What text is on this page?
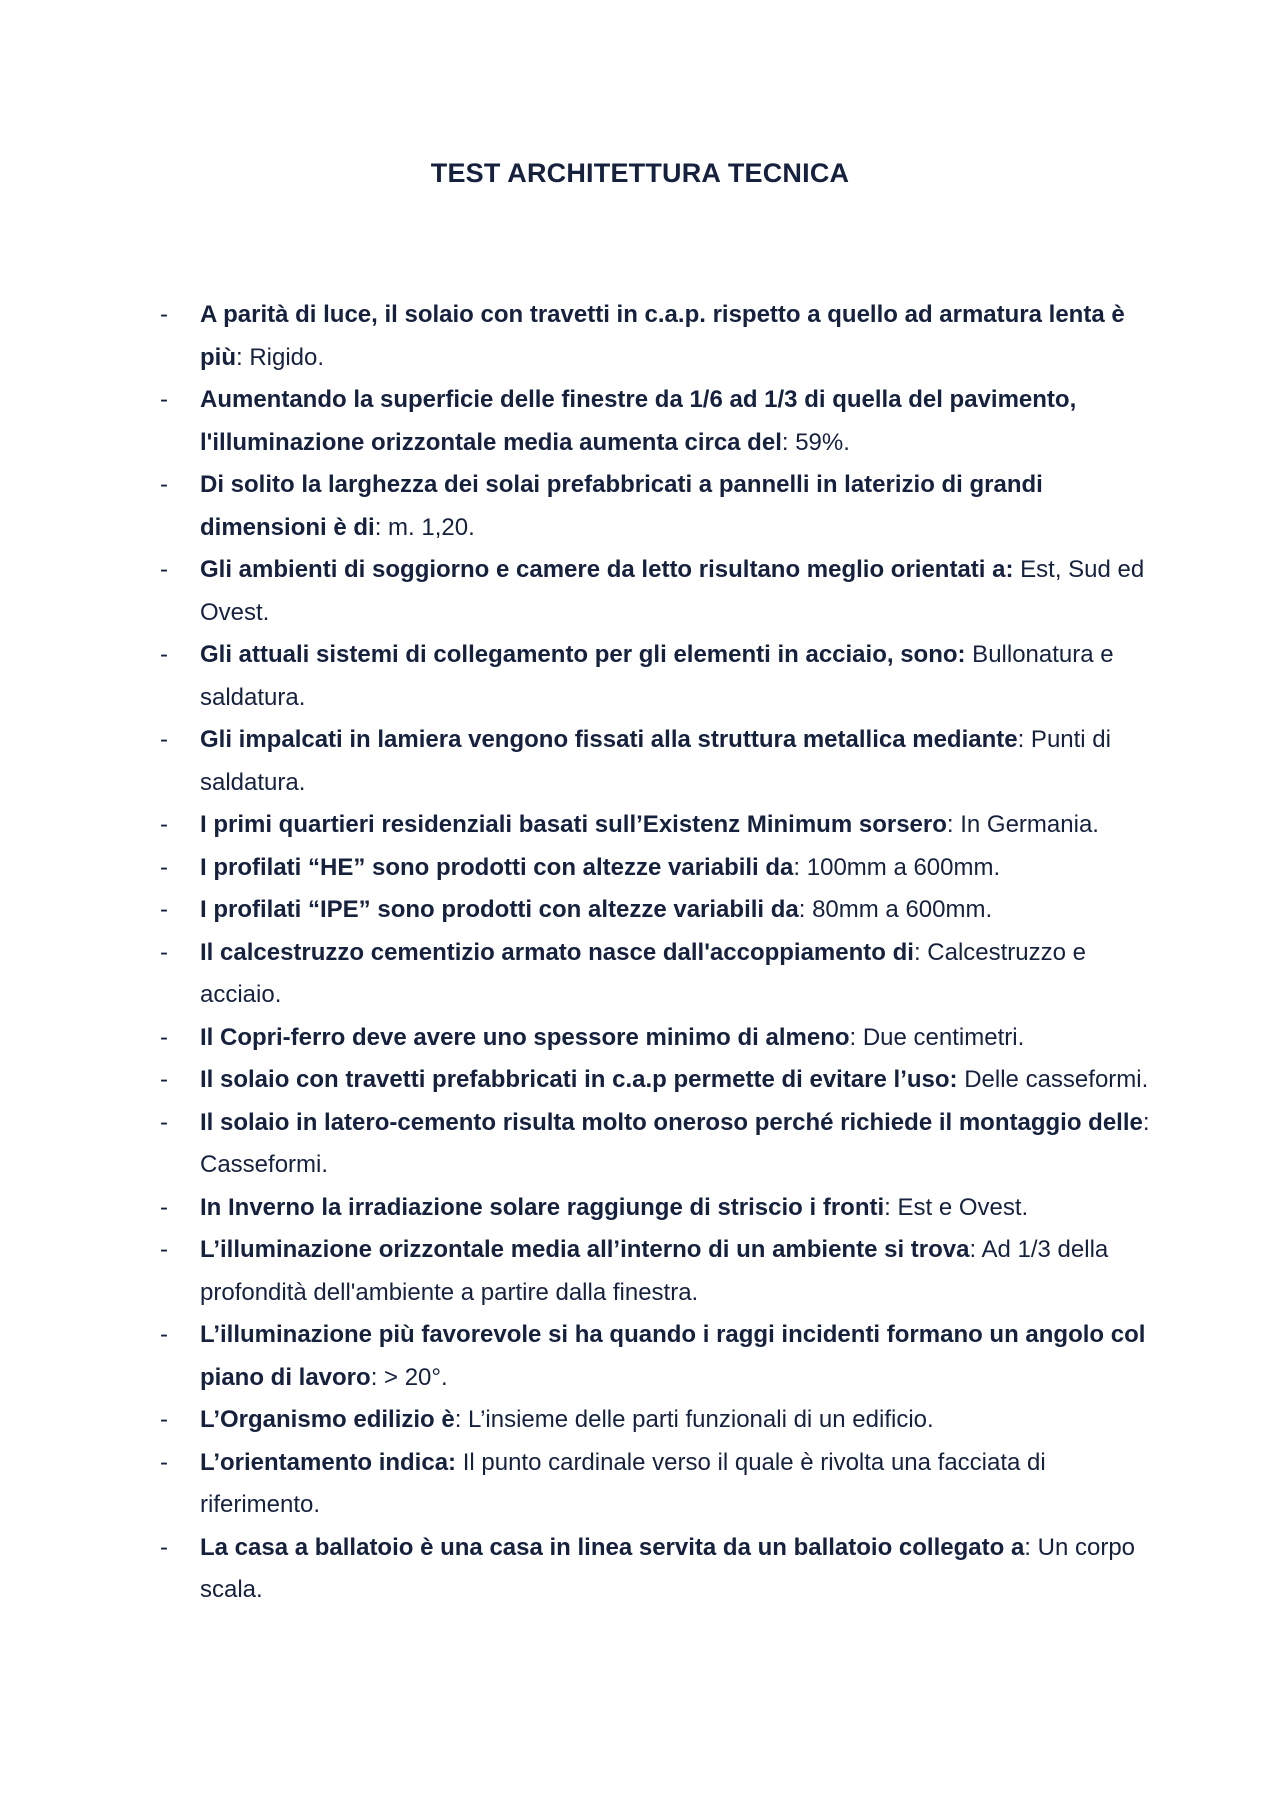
TEST ARCHITETTURA TECNICA
-	A parità di luce, il solaio con travetti in c.a.p. rispetto a quello ad armatura lenta è più: Rigido.
-	Aumentando la superficie delle finestre da 1/6 ad 1/3 di quella del pavimento, l'illuminazione orizzontale media aumenta circa del: 59%.
-	Di solito la larghezza dei solai prefabbricati a pannelli in laterizio di grandi dimensioni è di: m. 1,20.
-	Gli ambienti di soggiorno e camere da letto risultano meglio orientati a: Est, Sud ed Ovest.
-	Gli attuali sistemi di collegamento per gli elementi in acciaio, sono: Bullonatura e saldatura.
-	Gli impalcati in lamiera vengono fissati alla struttura metallica mediante: Punti di saldatura.
-	I primi quartieri residenziali basati sull’Existenz Minimum sorsero: In Germania.
-	I profilati “HE” sono prodotti con altezze variabili da: 100mm a 600mm.
-	I profilati “IPE” sono prodotti con altezze variabili da: 80mm a 600mm.
-	Il calcestruzzo cementizio armato nasce dall'accoppiamento di: Calcestruzzo e acciaio.
-	Il Copri-ferro deve avere uno spessore minimo di almeno: Due centimetri.
-	Il solaio con travetti prefabbricati in c.a.p permette di evitare l’uso: Delle casseformi.
-	Il solaio in latero-cemento risulta molto oneroso perché richiede il montaggio delle: Casseformi.
-	In Inverno la irradiazione solare raggiunge di striscio i fronti: Est e Ovest.
-	L’illuminazione orizzontale media all’interno di un ambiente si trova: Ad 1/3 della profondità dell'ambiente a partire dalla finestra.
-	L’illuminazione più favorevole si ha quando i raggi incidenti formano un angolo col piano di lavoro: > 20°.
-	L’Organismo edilizio è: L’insieme delle parti funzionali di un edificio.
-	L’orientamento indica: Il punto cardinale verso il quale è rivolta una facciata di riferimento.
-	La casa a ballatoio è una casa in linea servita da un ballatoio collegato a: Un corpo scala.
